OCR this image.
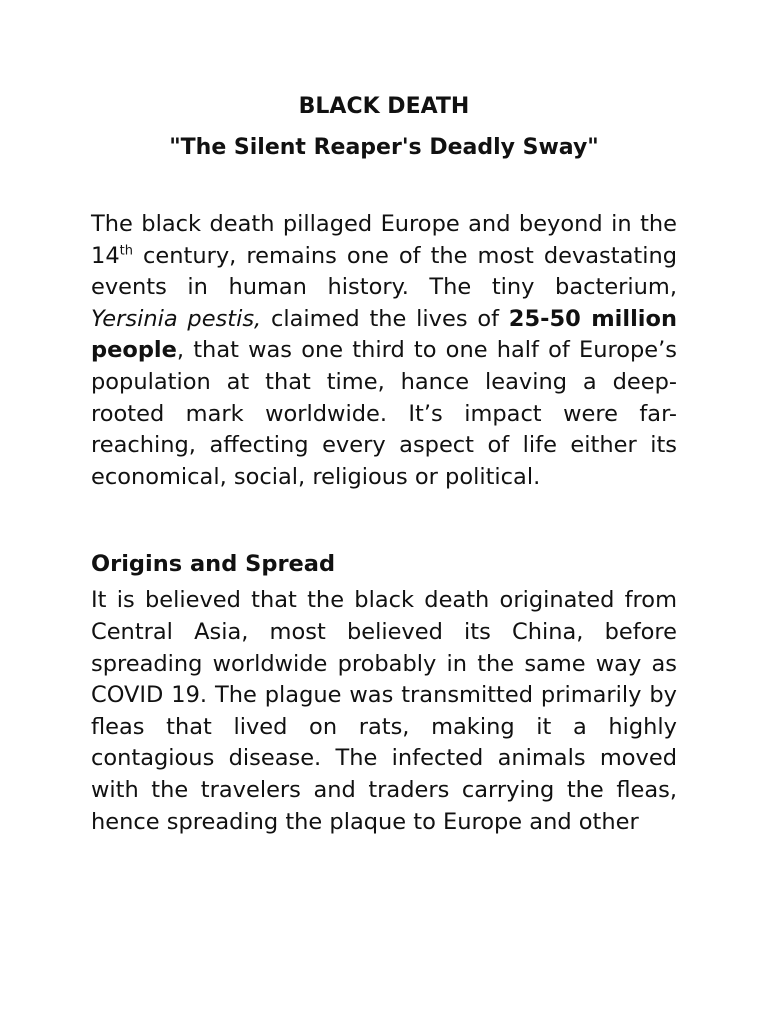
BLACK DEATH
"The Silent Reaper's Deadly Sway"

The black death pillaged Europe and beyond in the 14th century, remains one of the most devastating events in human history. The tiny bacterium, Yersinia pestis, claimed the lives of 25-50 million people, that was one third to one half of Europe’s population at that time, hance leaving a deep-rooted mark worldwide. It’s impact were far-reaching, affecting every aspect of life either its economical, social, religious or political.

Origins and Spread

It is believed that the black death originated from Central Asia, most believed its China, before spreading worldwide probably in the same way as COVID 19. The plague was transmitted primarily by fleas that lived on rats, making it a highly contagious disease. The infected animals moved with the travelers and traders carrying the fleas, hence spreading the plaque to Europe and other
